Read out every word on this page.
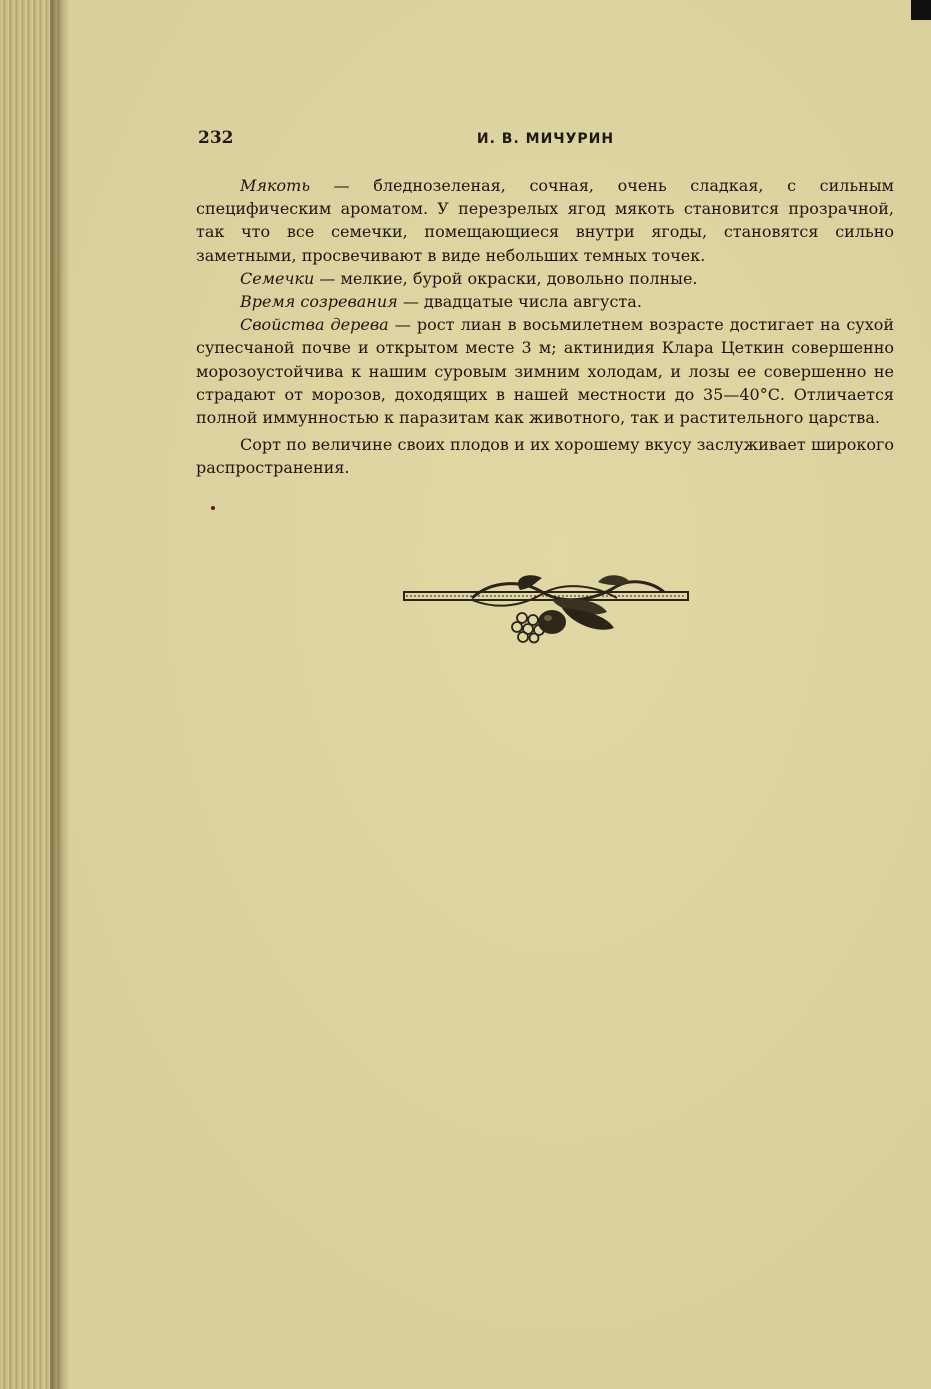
232	И. В. МИЧУРИН

Мякоть — бледнозеленая, сочная, очень сладкая, с сильным специфическим ароматом. У перезрелых ягод мякоть становится прозрачной, так что все семечки, помещающиеся внутри ягоды, становятся сильно заметными, просвечивают в виде небольших темных точек.

Семечки — мелкие, бурой окраски, довольно полные.

Время созревания — двадцатые числа августа.

Свойства дерева — рост лиан в восьмилетнем возрасте достигает на сухой супесчаной почве и открытом месте 3 м; актинидия Клара Цеткин совершенно морозоустойчива к нашим суровым зимним холодам, и лозы ее совершенно не страдают от морозов, доходящих в нашей местности до 35—40°С. Отличается полной иммунностью к паразитам как животного, так и растительного царства.

Сорт по величине своих плодов и их хорошему вкусу заслуживает широкого распространения.
